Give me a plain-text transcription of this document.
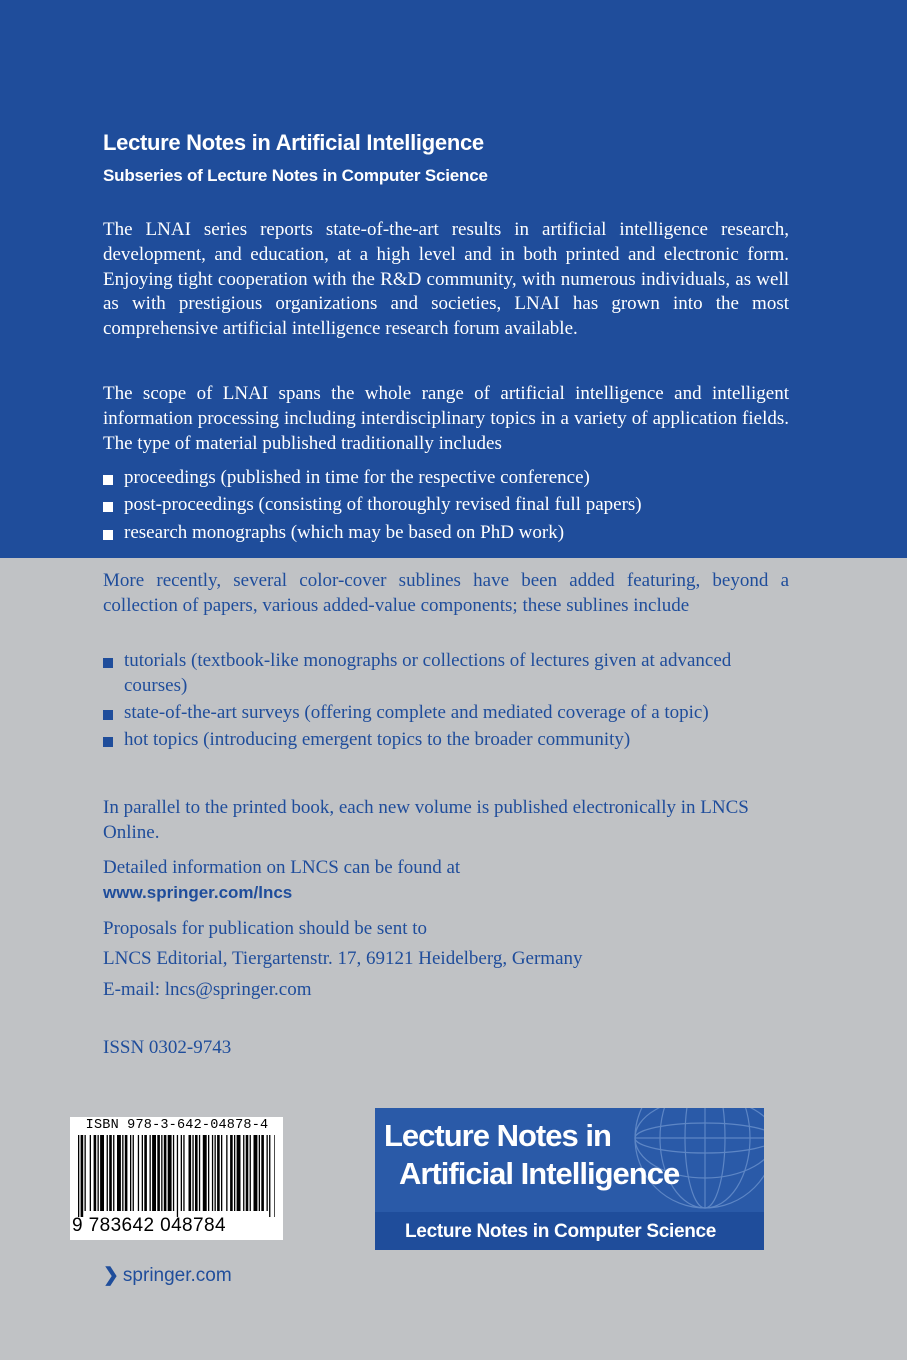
Lecture Notes in Artificial Intelligence
Subseries of Lecture Notes in Computer Science

The LNAI series reports state-of-the-art results in artificial intelligence research, development, and education, at a high level and in both printed and electronic form. Enjoying tight cooperation with the R&D community, with numerous individuals, as well as with prestigious organizations and societies, LNAI has grown into the most comprehensive artificial intelligence research forum available.

The scope of LNAI spans the whole range of artificial intelligence and intelligent information processing including interdisciplinary topics in a variety of application fields. The type of material published traditionally includes

proceedings (published in time for the respective conference)
post-proceedings (consisting of thoroughly revised final full papers)
research monographs (which may be based on PhD work)

More recently, several color-cover sublines have been added featuring, beyond a collection of papers, various added-value components; these sublines include

tutorials (textbook-like monographs or collections of lectures given at advanced courses)
state-of-the-art surveys (offering complete and mediated coverage of a topic)
hot topics (introducing emergent topics to the broader community)

In parallel to the printed book, each new volume is published electronically in LNCS Online.

Detailed information on LNCS can be found at
www.springer.com/lncs

Proposals for publication should be sent to
LNCS Editorial, Tiergartenstr. 17, 69121 Heidelberg, Germany
E-mail: lncs@springer.com
ISSN 0302-9743
ISBN 978-3-642-04878-4
9 783642 048784
Lecture Notes in
Artificial Intelligence
Lecture Notes in Computer Science
❯ springer.com
